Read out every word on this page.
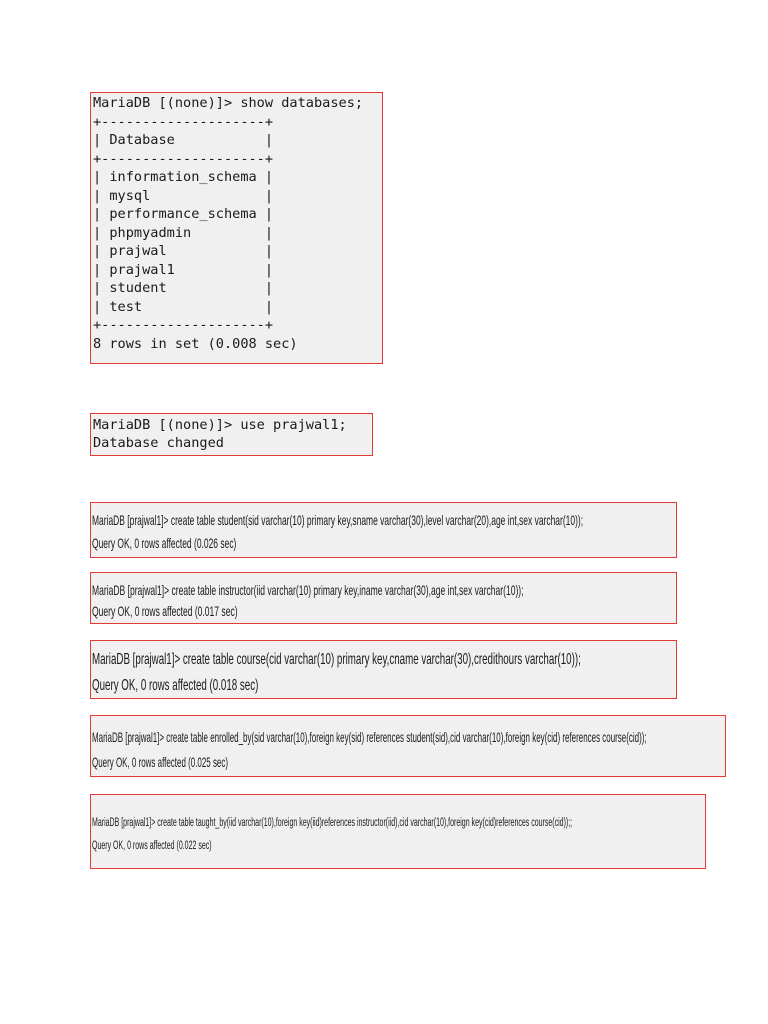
MariaDB [(none)]> show databases;
+--------------------+
| Database           |
+--------------------+
| information_schema |
| mysql              |
| performance_schema |
| phpmyadmin         |
| prajwal            |
| prajwal1           |
| student            |
| test               |
+--------------------+
8 rows in set (0.008 sec)
MariaDB [(none)]> use prajwal1;
Database changed
MariaDB [prajwal1]> create table student(sid varchar(10) primary key,sname varchar(30),level varchar(20),age int,sex varchar(10));
Query OK, 0 rows affected (0.026 sec)
MariaDB [prajwal1]> create table instructor(iid varchar(10) primary key,iname varchar(30),age int,sex varchar(10));
Query OK, 0 rows affected (0.017 sec)
MariaDB [prajwal1]> create table course(cid varchar(10) primary key,cname varchar(30),credithours varchar(10));
Query OK, 0 rows affected (0.018 sec)
MariaDB [prajwal1]> create table enrolled_by(sid varchar(10),foreign key(sid) references student(sid),cid varchar(10),foreign key(cid) references course(cid));
Query OK, 0 rows affected (0.025 sec)
MariaDB [prajwal1]> create table taught_by(iid varchar(10),foreign key(iid)references instructor(iid),cid varchar(10),foreign key(cid)references course(cid));;
Query OK, 0 rows affected (0.022 sec)
